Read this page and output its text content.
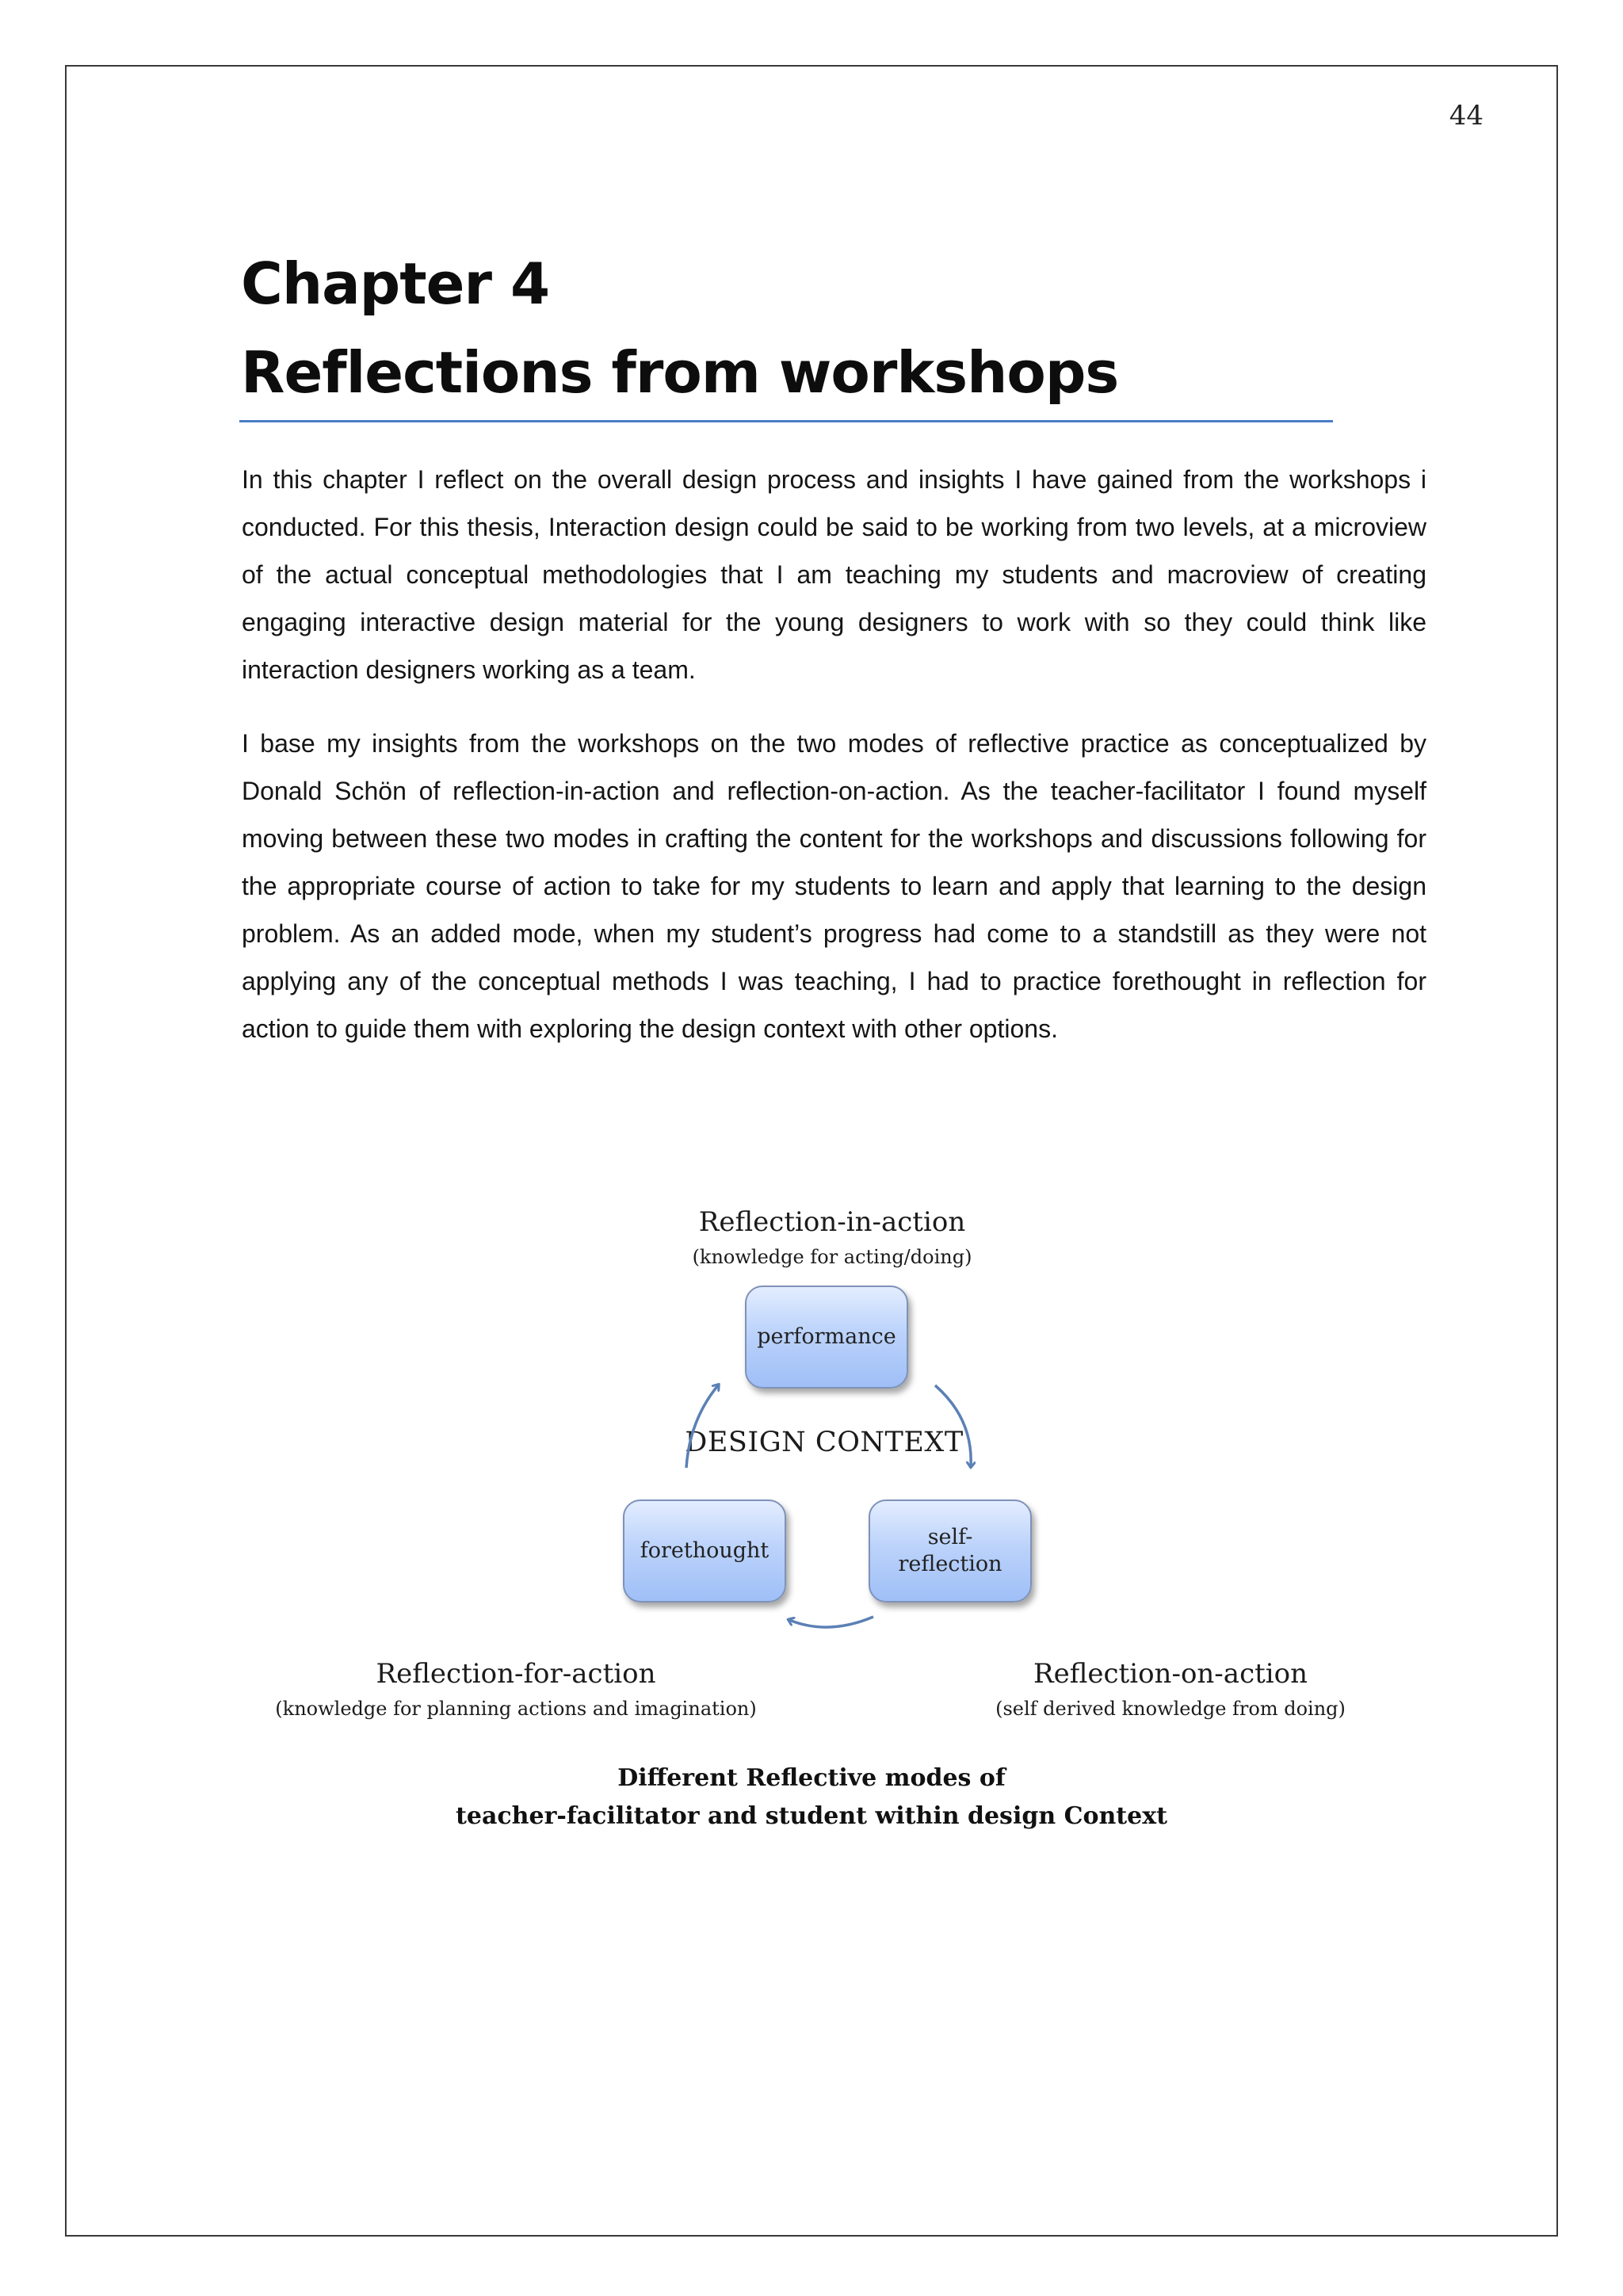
44
Chapter 4
Reflections from workshops

In this chapter I reflect on the overall design process and insights I have gained from the workshops i conducted. For this thesis, Interaction design could be said to be working from two levels, at a microview of the actual conceptual methodologies that I am teaching my students and macroview of creating engaging interactive design material for the young designers to work with so they could think like interaction designers working as a team.

I base my insights from the workshops on the two modes of reflective practice as conceptualized by Donald Schön of reflection-in-action and reflection-on-action. As the teacher-facilitator I found myself moving between these two modes in crafting the content for the workshops and discussions following for the appropriate course of action to take for my students to learn and apply that learning to the design problem. As an added mode, when my student’s progress had come to a standstill as they were not applying any of the conceptual methods I was teaching, I had to practice forethought in reflection for action to guide them with exploring the design context with other options.

Reflection-in-action
(knowledge for acting/doing)
performance
DESIGN CONTEXT
forethought
self-
reflection
Reflection-for-action
(knowledge for planning actions and imagination)
Reflection-on-action
(self derived knowledge from doing)
Different Reflective modes of
teacher-facilitator and student within design Context
